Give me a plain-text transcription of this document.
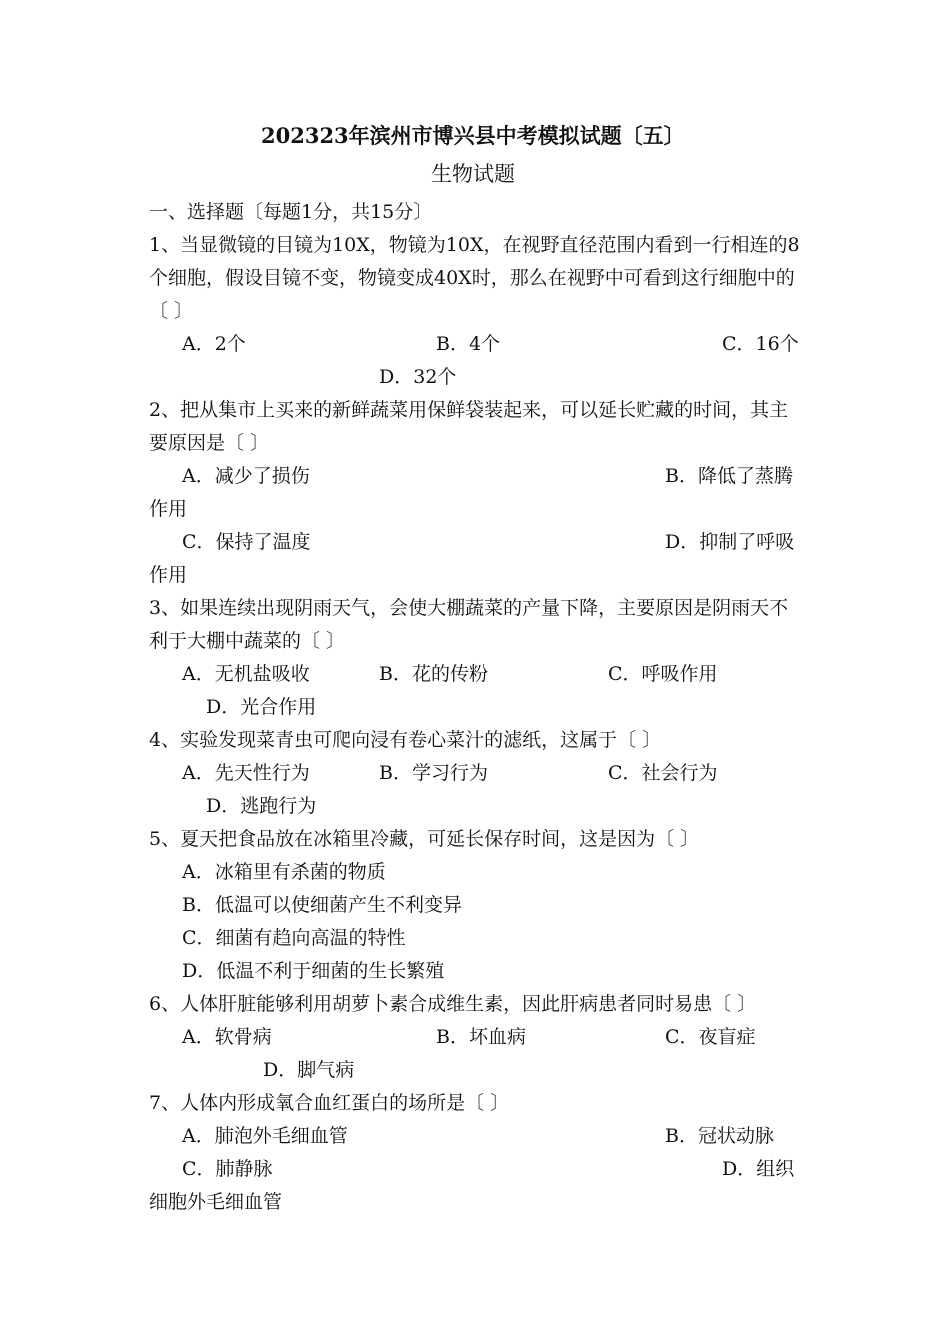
202323年滨州市博兴县中考模拟试题〔五〕
生物试题
一、选择题〔每题1分，共15分〕
1、当显微镜的目镜为10X，物镜为10X，在视野直径范围内看到一行相连的8
个细胞，假设目镜不变，物镜变成40X时，那么在视野中可看到这行细胞中的
〔 〕
A．2个	B．4个	C．16个
D．32个
2、把从集市上买来的新鲜蔬菜用保鲜袋装起来，可以延长贮藏的时间，其主
要原因是〔 〕
A．减少了损伤	B．降低了蒸腾
作用
C．保持了温度	D．抑制了呼吸
作用
3、如果连续出现阴雨天气，会使大棚蔬菜的产量下降，主要原因是阴雨天不
利于大棚中蔬菜的〔 〕
A．无机盐吸收	B．花的传粉	C．呼吸作用
D．光合作用
4、实验发现菜青虫可爬向浸有卷心菜汁的滤纸，这属于〔 〕
A．先天性行为	B．学习行为	C．社会行为
D．逃跑行为
5、夏天把食品放在冰箱里冷藏，可延长保存时间，这是因为〔 〕
A．冰箱里有杀菌的物质
B．低温可以使细菌产生不利变异
C．细菌有趋向高温的特性
D．低温不利于细菌的生长繁殖
6、人体肝脏能够利用胡萝卜素合成维生素，因此肝病患者同时易患〔 〕
A．软骨病	B．坏血病	C．夜盲症
D．脚气病
7、人体内形成氧合血红蛋白的场所是〔 〕
A．肺泡外毛细血管	B．冠状动脉
C．肺静脉	D．组织
细胞外毛细血管
